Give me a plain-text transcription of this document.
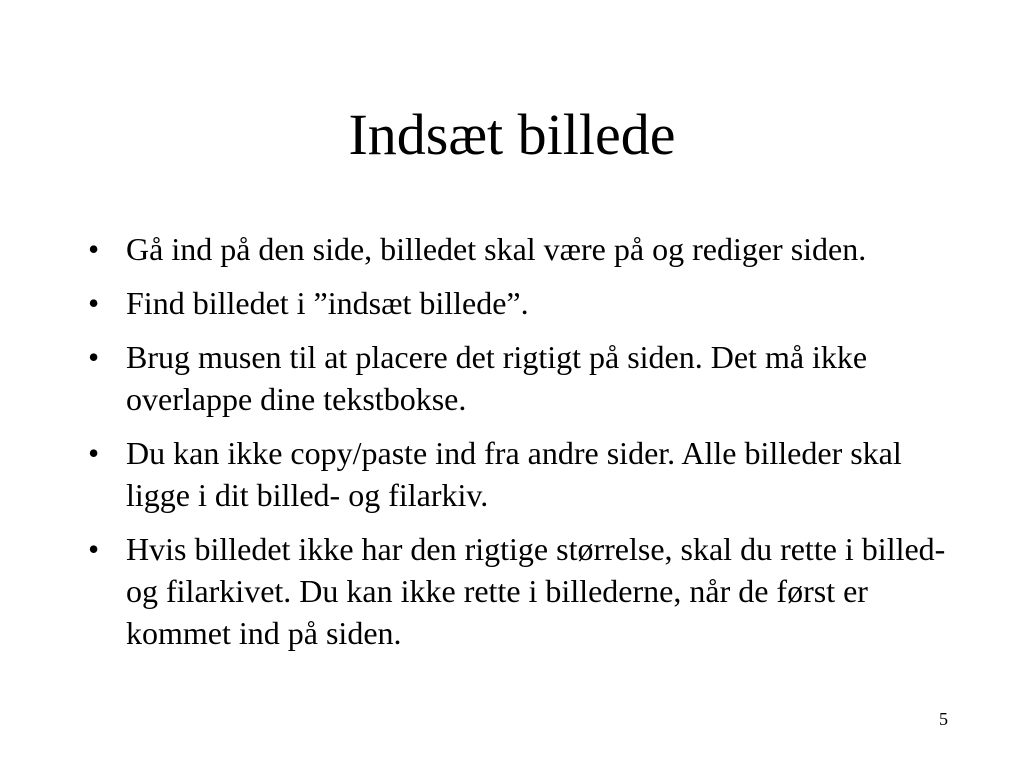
Indsæt billede
• Gå ind på den side, billedet skal være på og rediger siden.
• Find billedet i ”indsæt billede”.
• Brug musen til at placere det rigtigt på siden. Det må ikke overlappe dine tekstbokse.
• Du kan ikke copy/paste ind fra andre sider. Alle billeder skal ligge i dit billed- og filarkiv.
• Hvis billedet ikke har den rigtige størrelse, skal du rette i billed- og filarkivet. Du kan ikke rette i billederne, når de først er kommet ind på siden.
5
